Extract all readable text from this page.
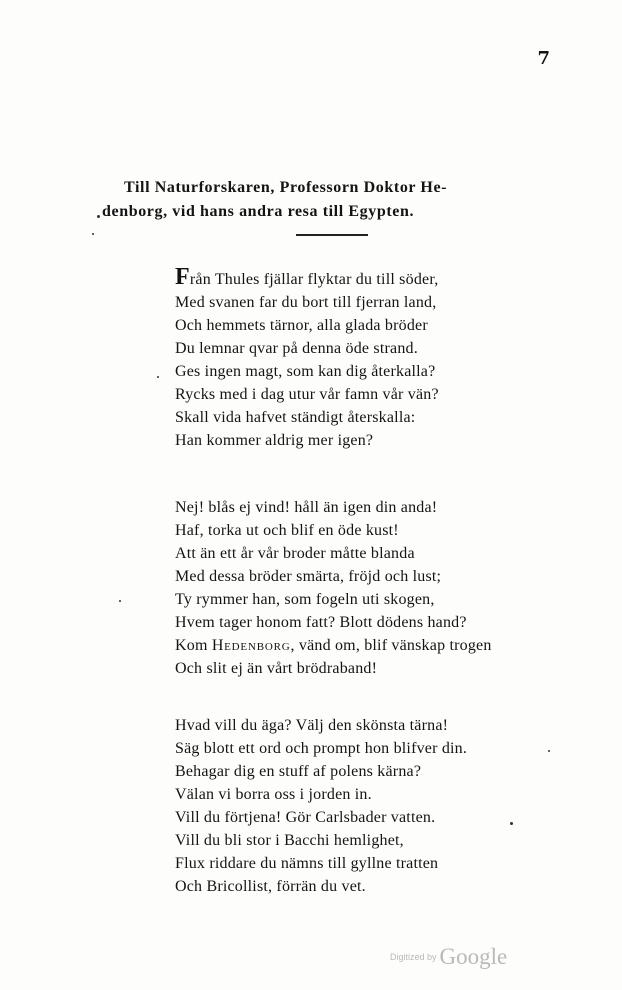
7
Till Naturforskaren, Professorn Doktor He-
denborg, vid hans andra resa till Egypten.
Från Thules fjällar flyktar du till söder,
Med svanen far du bort till fjerran land,
Och hemmets tärnor, alla glada bröder
Du lemnar qvar på denna öde strand.
Ges ingen magt, som kan dig återkalla?
Rycks med i dag utur vår famn vår vän?
Skall vida hafvet ständigt återskalla:
Han kommer aldrig mer igen?
Nej! blås ej vind! håll än igen din anda!
Haf, torka ut och blif en öde kust!
Att än ett år vår broder måtte blanda
Med dessa bröder smärta, fröjd och lust;
Ty rymmer han, som fogeln uti skogen,
Hvem tager honom fatt? Blott dödens hand?
Kom Hedenborg, vänd om, blif vänskap trogen
Och slit ej än vårt brödraband!
Hvad vill du äga? Välj den skönsta tärna!
Säg blott ett ord och prompt hon blifver din.
Behagar dig en stuff af polens kärna?
Välan vi borra oss i jorden in.
Vill du förtjena! Gör Carlsbader vatten.
Vill du bli stor i Bacchi hemlighet,
Flux riddare du nämns till gyllne tratten
Och Bricollist, förrän du vet.
Digitized by Google
